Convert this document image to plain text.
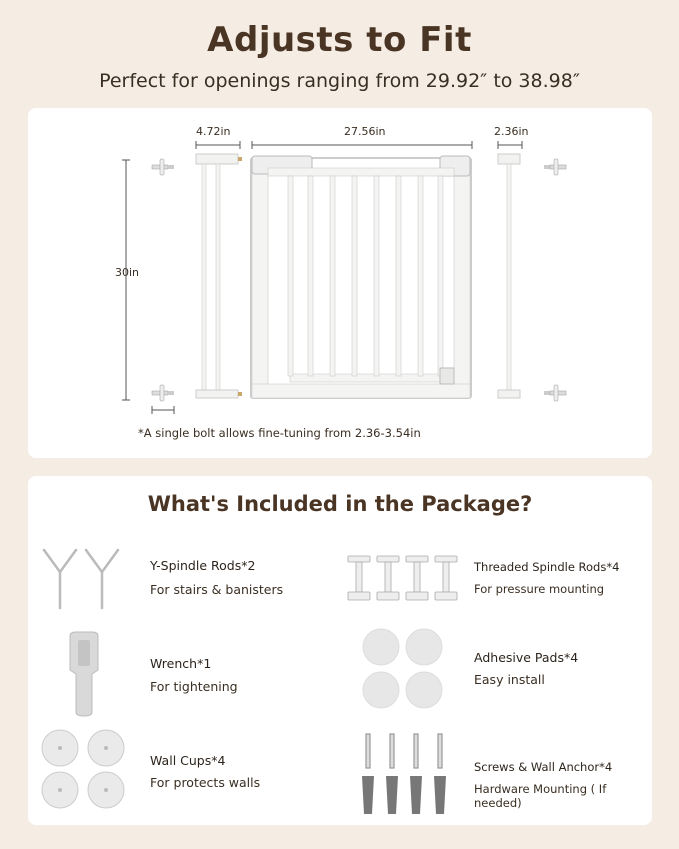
Adjusts to Fit
Perfect for openings ranging from 29.92″ to 38.98″
4.72in	27.56in	2.36in
30in
*A single bolt allows fine-tuning from 2.36-3.54in
What's Included in the Package?
Y-Spindle Rods*2
For stairs & banisters
Threaded Spindle Rods*4
For pressure mounting
Wrench*1
For tightening
Adhesive Pads*4
Easy install
Wall Cups*4
For protects walls
Screws & Wall Anchor*4
Hardware Mounting ( If needed)
